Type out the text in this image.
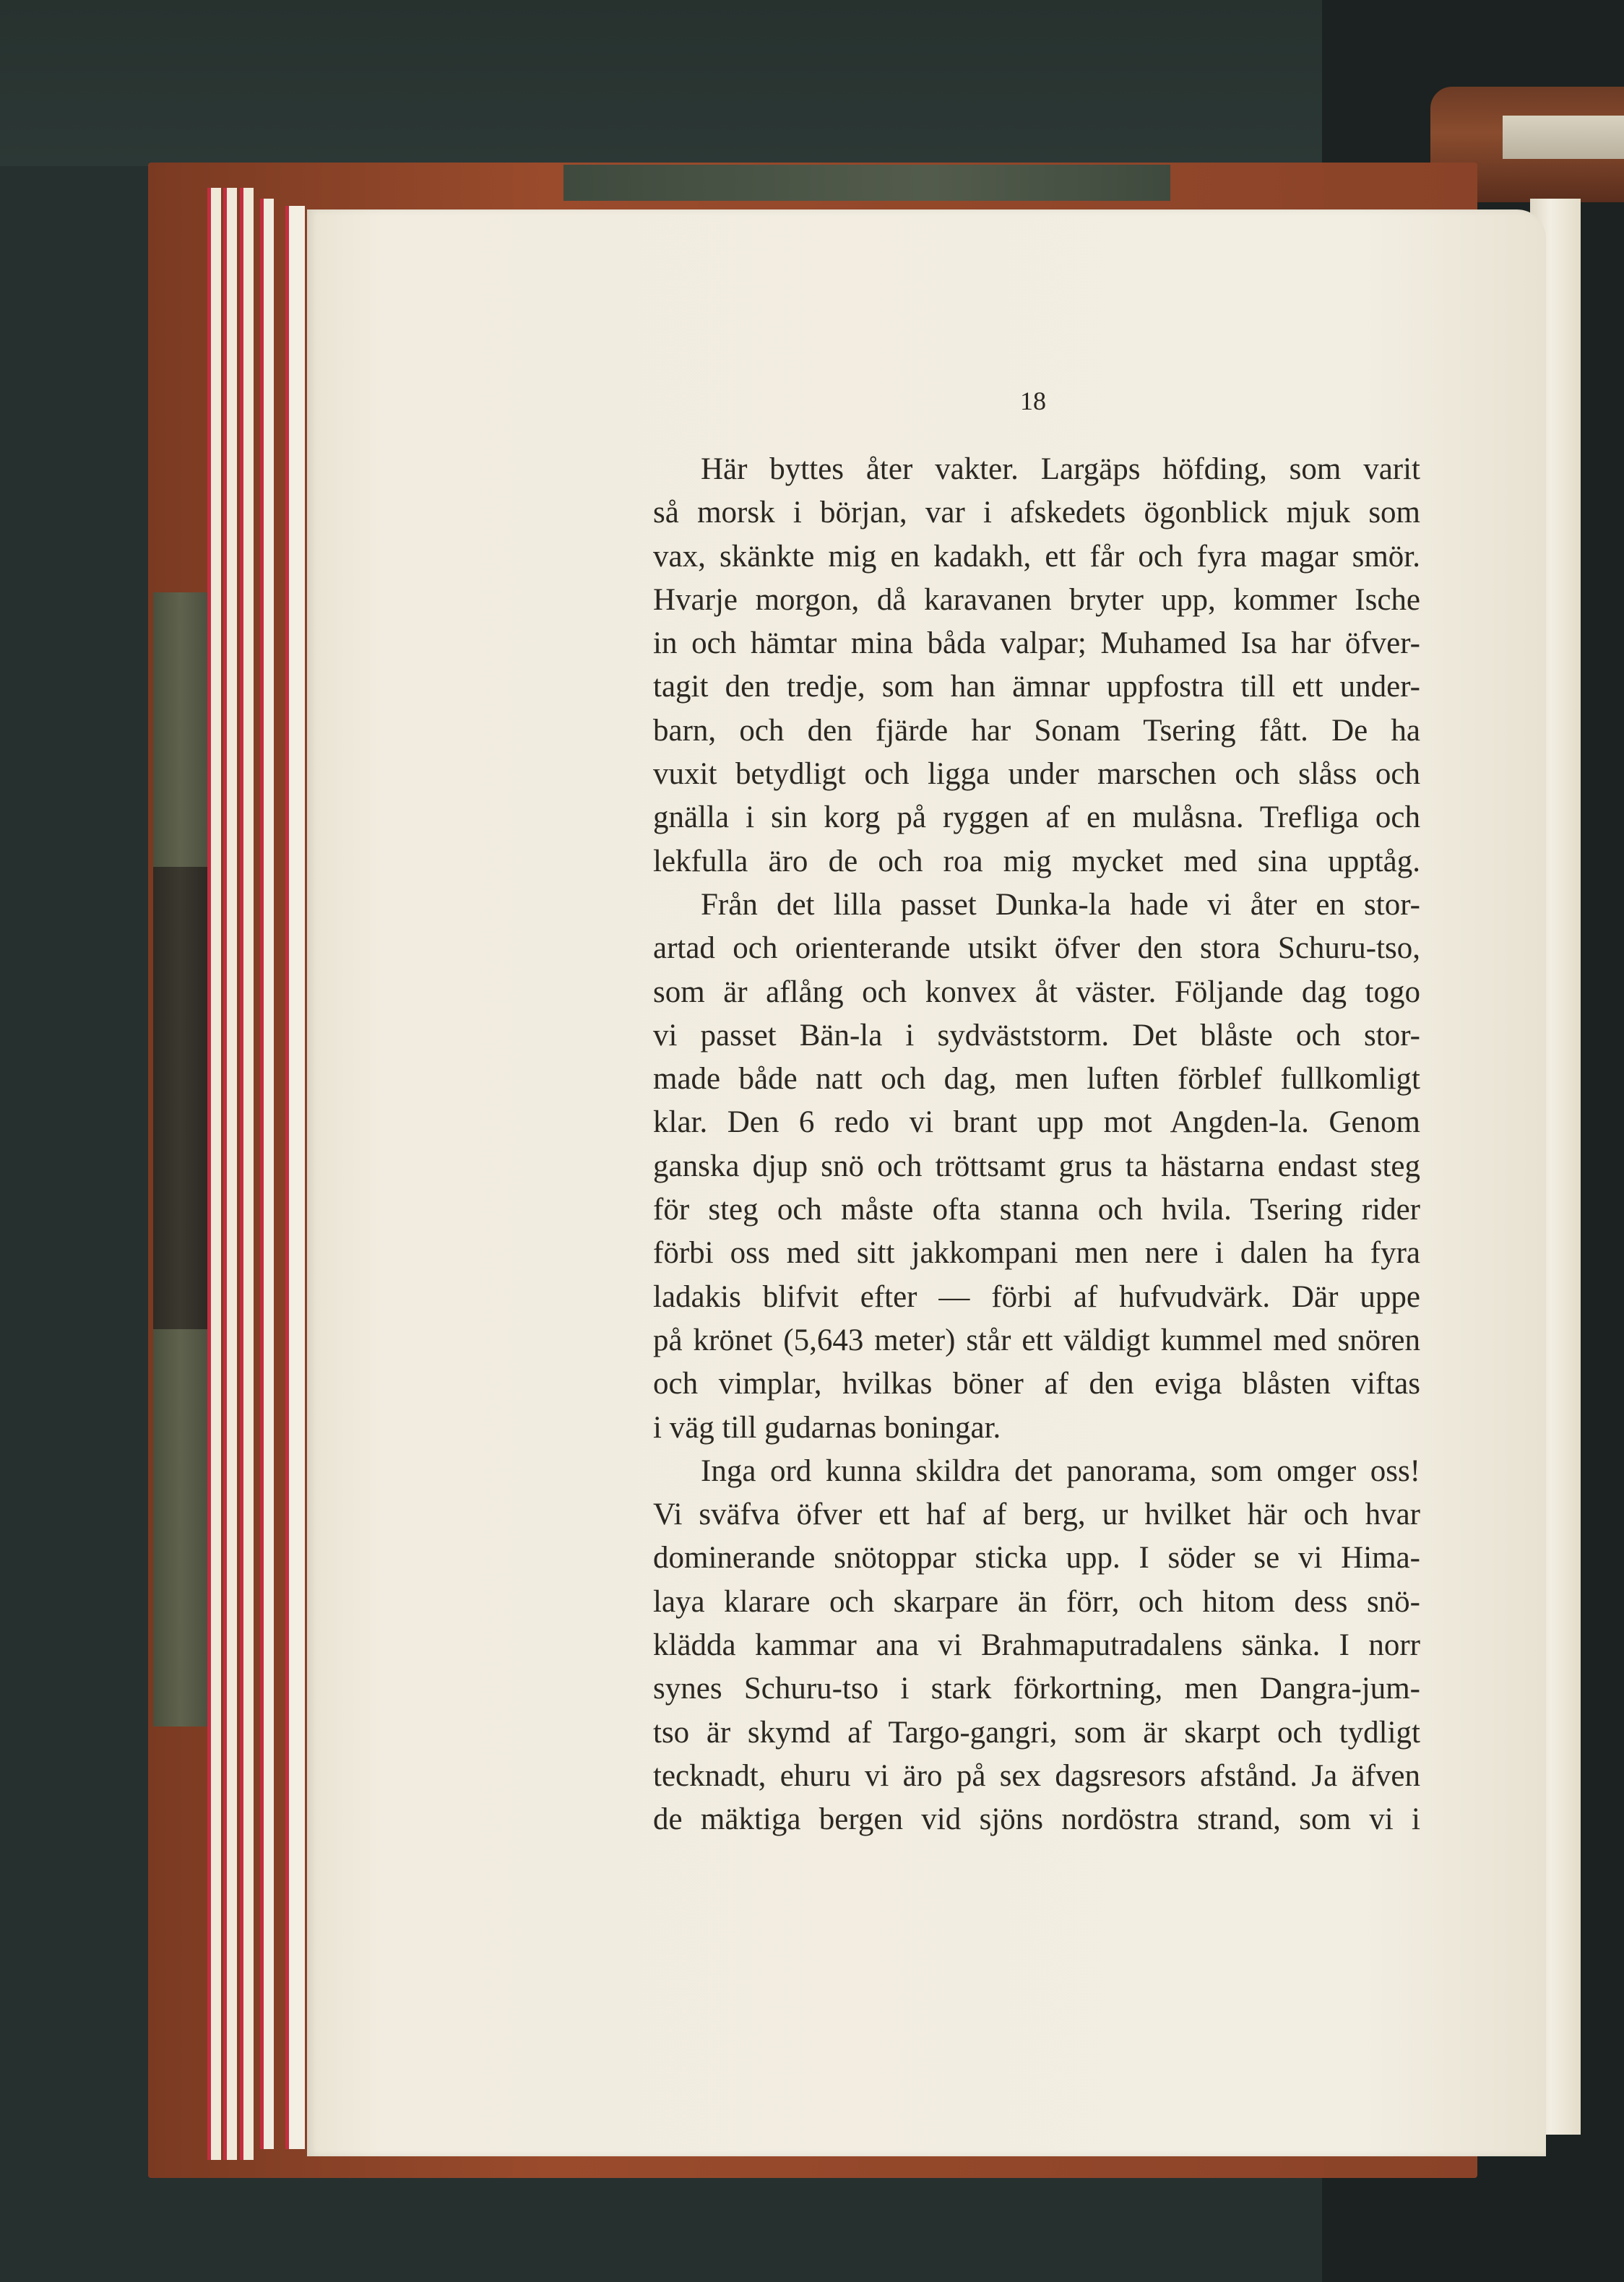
18
Här byttes åter vakter. Largäps höfding, som varit
så morsk i början, var i afskedets ögonblick mjuk som
vax, skänkte mig en kadakh, ett får och fyra magar smör.
Hvarje morgon, då karavanen bryter upp, kommer Ische
in och hämtar mina båda valpar; Muhamed Isa har öfver-
tagit den tredje, som han ämnar uppfostra till ett under-
barn, och den fjärde har Sonam Tsering fått. De ha
vuxit betydligt och ligga under marschen och slåss och
gnälla i sin korg på ryggen af en mulåsna. Trefliga och
lekfulla äro de och roa mig mycket med sina upptåg.
Från det lilla passet Dunka-la hade vi åter en stor-
artad och orienterande utsikt öfver den stora Schuru-tso,
som är aflång och konvex åt väster. Följande dag togo
vi passet Bän-la i sydväststorm. Det blåste och stor-
made både natt och dag, men luften förblef fullkomligt
klar. Den 6 redo vi brant upp mot Angden-la. Genom
ganska djup snö och tröttsamt grus ta hästarna endast steg
för steg och måste ofta stanna och hvila. Tsering rider
förbi oss med sitt jakkompani men nere i dalen ha fyra
ladakis blifvit efter — förbi af hufvudvärk. Där uppe
på krönet (5,643 meter) står ett väldigt kummel med snören
och vimplar, hvilkas böner af den eviga blåsten viftas
i väg till gudarnas boningar.
Inga ord kunna skildra det panorama, som omger oss!
Vi sväfva öfver ett haf af berg, ur hvilket här och hvar
dominerande snötoppar sticka upp. I söder se vi Hima-
laya klarare och skarpare än förr, och hitom dess snö-
klädda kammar ana vi Brahmaputradalens sänka. I norr
synes Schuru-tso i stark förkortning, men Dangra-jum-
tso är skymd af Targo-gangri, som är skarpt och tydligt
tecknadt, ehuru vi äro på sex dagsresors afstånd. Ja äfven
de mäktiga bergen vid sjöns nordöstra strand, som vi i
